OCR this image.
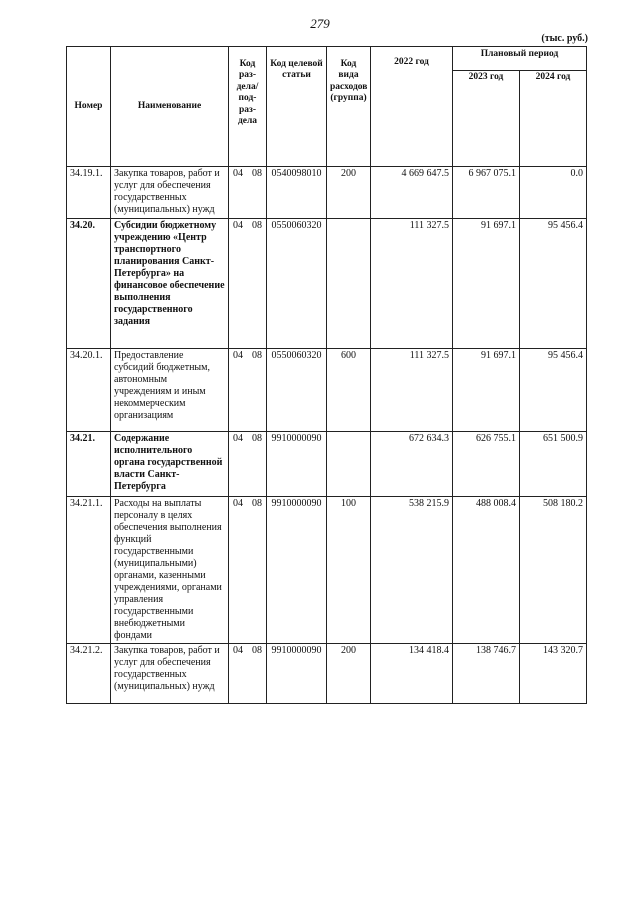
279
(тыс. руб.)
Номер	Наименование	Код раз-дела/ под-раз-дела	Код целевой статьи	Код вида расходов (группа)	2022 год	Плановый период	
						2023 год	2024 год
34.19.1.	Закупка товаров, работ и услуг для обеспечения государственных (муниципальных) нужд	04 08	0540098010	200	4 669 647.5	6 967 075.1	0.0
34.20.	Субсидии бюджетному учреждению «Центр транспортного планирования Санкт-Петербурга» на финансовое обеспечение выполнения государственного задания	04 08	0550060320		111 327.5	91 697.1	95 456.4
34.20.1.	Предоставление субсидий бюджетным, автономным учреждениям и иным некоммерческим организациям	04 08	0550060320	600	111 327.5	91 697.1	95 456.4
34.21.	Содержание исполнительного органа государственной власти Санкт-Петербурга	04 08	9910000090		672 634.3	626 755.1	651 500.9
34.21.1.	Расходы на выплаты персоналу в целях обеспечения выполнения функций государственными (муниципальными) органами, казенными учреждениями, органами управления государственными внебюджетными фондами	04 08	9910000090	100	538 215.9	488 008.4	508 180.2
34.21.2.	Закупка товаров, работ и услуг для обеспечения государственных (муниципальных) нужд	04 08	9910000090	200	134 418.4	138 746.7	143 320.7
